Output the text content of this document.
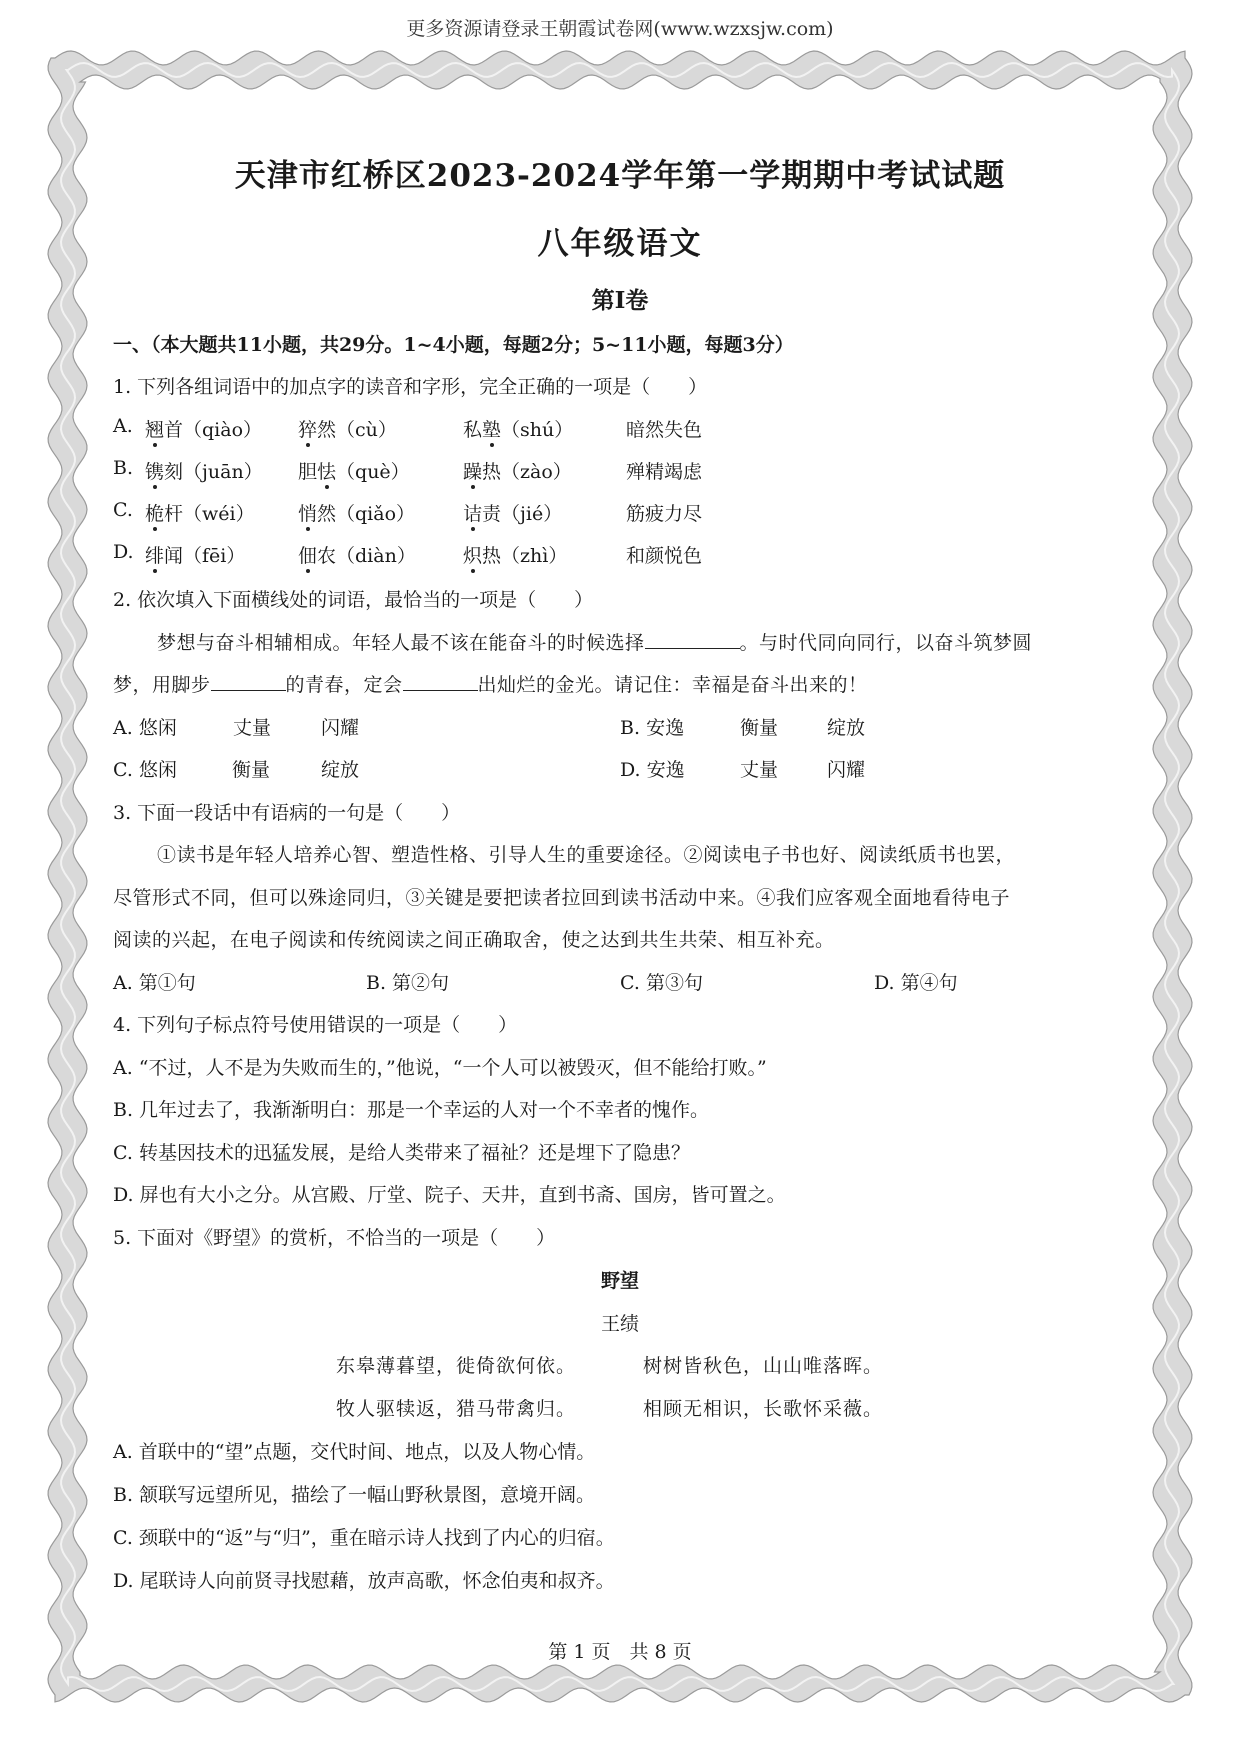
更多资源请登录王朝霞试卷网(www.wzxsjw.com)
天津市红桥区2023-2024学年第一学期期中考试试题
八年级语文
第Ⅰ卷
一、（本大题共11小题，共29分。1~4小题，每题2分；5~11小题，每题3分）
1. 下列各组词语中的加点字的读音和字形，完全正确的一项是（　　）
A. 翘首（qiào） 猝然（cù）	私塾（shú）	暗然失色
B. 镌刻（juān） 胆怯（què）	躁热（zào）	殚精竭虑
C. 桅杆（wéi） 悄然（qiǎo）	诘责（jié）	筋疲力尽
D. 绯闻（fēi）	佃农（diàn） 炽热（zhì）	和颜悦色
2. 依次填入下面横线处的词语，最恰当的一项是（　　）
梦想与奋斗相辅相成。年轻人最不该在能奋斗的时候选择	。与时代同向同行，以奋斗筑梦圆
梦，用脚步	的青春，定会	出灿烂的金光。请记住：幸福是奋斗出来的！
A. 悠闲	丈量	闪耀	B. 安逸	衡量	绽放
C. 悠闲	衡量	绽放	D. 安逸	丈量	闪耀
3. 下面一段话中有语病的一句是（　　）
①读书是年轻人培养心智、塑造性格、引导人生的重要途径。②阅读电子书也好、阅读纸质书也罢，
尽管形式不同，但可以殊途同归，③关键是要把读者拉回到读书活动中来。④我们应客观全面地看待电子
阅读的兴起，在电子阅读和传统阅读之间正确取舍，使之达到共生共荣、相互补充。
A. 第①句	B. 第②句	C. 第③句	D. 第④句
4. 下列句子标点符号使用错误的一项是（　　）
A. “不过，人不是为失败而生的，”他说，“一个人可以被毁灭，但不能给打败。”
B. 几年过去了，我渐渐明白：那是一个幸运的人对一个不幸者的愧作。
C. 转基因技术的迅猛发展，是给人类带来了福祉？还是埋下了隐患？
D. 屏也有大小之分。从宫殿、厅堂、院子、天井，直到书斋、国房，皆可置之。
5. 下面对《野望》的赏析，不恰当的一项是（　　）
野望
王绩
东皋薄暮望，徙倚欲何依。	树树皆秋色，山山唯落晖。
牧人驱犊返，猎马带禽归。	相顾无相识，长歌怀采薇。
A. 首联中的“望”点题，交代时间、地点，以及人物心情。
B. 颔联写远望所见，描绘了一幅山野秋景图，意境开阔。
C. 颈联中的“返”与“归”，重在暗示诗人找到了内心的归宿。
D. 尾联诗人向前贤寻找慰藉，放声高歌，怀念伯夷和叔齐。
第 1 页　共 8 页
